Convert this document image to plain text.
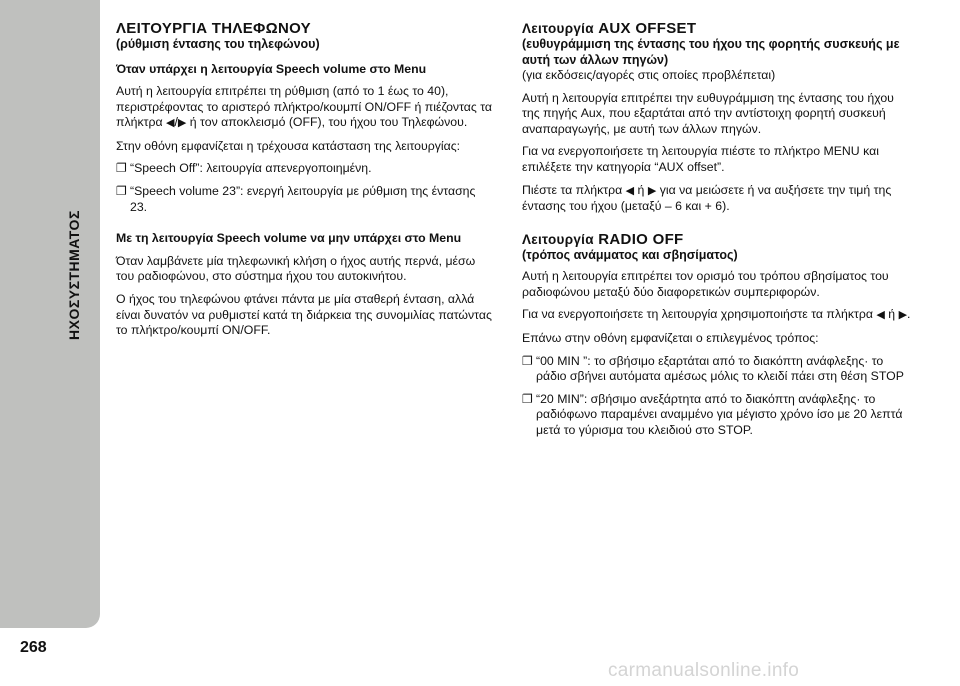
ΗΧΟΣΥΣΤΗΜΑΤΟΣ
268
ΛΕΙΤΟΥΡΓΙΑ ΤΗΛΕΦΩΝΟΥ
(ρύθμιση έντασης του τηλεφώνου)

Όταν υπάρχει η λειτουργία Speech volume στο Menu

Αυτή η λειτουργία επιτρέπει τη ρύθμιση (από το 1 έως το 40), περιστρέφοντας το αριστερό πλήκτρο/κουμπί ON/OFF ή πιέζοντας τα πλήκτρα ◀/▶ ή τον αποκλεισμό (OFF), του ήχου του Τηλεφώνου.

Στην οθόνη εμφανίζεται η τρέχουσα κατάσταση της λειτουργίας:

❐ “Speech Off”: λειτουργία απενεργοποιημένη.
❐ “Speech volume 23”: ενεργή λειτουργία με ρύθμιση της έντασης 23.

Με τη λειτουργία Speech volume να μην υπάρχει στο Menu

Όταν λαμβάνετε μία τηλεφωνική κλήση ο ήχος αυτής περνά, μέσω του ραδιοφώνου, στο σύστημα ήχου του αυτοκινήτου.

Ο ήχος του τηλεφώνου φτάνει πάντα με μία σταθερή ένταση, αλλά είναι δυνατόν να ρυθμιστεί κατά τη διάρκεια της συνομιλίας πατώντας το πλήκτρο/κουμπί ON/OFF.

Λειτουργία AUX OFFSET
(ευθυγράμμιση της έντασης του ήχου της φορητής συσκευής με αυτή των άλλων πηγών)

(για εκδόσεις/αγορές στις οποίες προβλέπεται)

Αυτή η λειτουργία επιτρέπει την ευθυγράμμιση της έντασης του ήχου της πηγής Aux, που εξαρτάται από την αντίστοιχη φορητή συσκευή αναπαραγωγής, με αυτή των άλλων πηγών.

Για να ενεργοποιήσετε τη λειτουργία πιέστε το πλήκτρο MENU και επιλέξετε την κατηγορία “AUX offset”.

Πιέστε τα πλήκτρα ◀ ή ▶ για να μειώσετε ή να αυξήσετε την τιμή της έντασης του ήχου (μεταξύ – 6 και + 6).

Λειτουργία RADIO OFF
(τρόπος ανάμματος και σβησίματος)

Αυτή η λειτουργία επιτρέπει τον ορισμό του τρόπου σβησίματος του ραδιοφώνου μεταξύ δύο διαφορετικών συμπεριφορών.

Για να ενεργοποιήσετε τη λειτουργία χρησιμοποιήστε τα πλήκτρα ◀ ή ▶.

Επάνω στην οθόνη εμφανίζεται ο επιλεγμένος τρόπος:

❐ “00 MIN ”: το σβήσιμο εξαρτάται από το διακόπτη ανάφλεξης· το ράδιο σβήνει αυτόματα αμέσως μόλις το κλειδί πάει στη θέση STOP
❐ “20 MIN”: σβήσιμο ανεξάρτητα από το διακόπτη ανάφλεξης· το ραδιόφωνο παραμένει αναμμένο για μέγιστο χρόνο ίσο με 20 λεπτά μετά το γύρισμα του κλειδιού στο STOP.
carmanualsonline.info
